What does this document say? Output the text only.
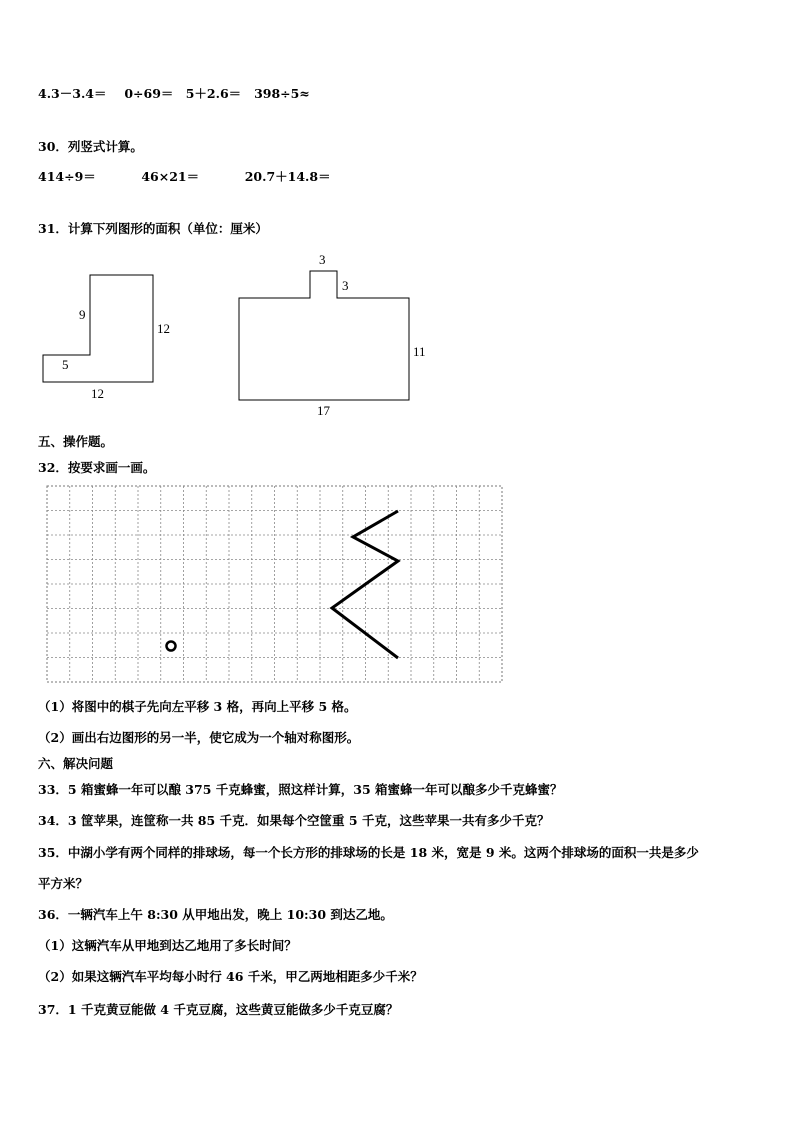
4.3－3.4＝ 0÷69＝ 5＋2.6＝ 398÷5≈
30．列竖式计算。
414÷9＝	46×21＝	20.7＋14.8＝
31．计算下列图形的面积（单位：厘米）
9
5
12
12
3
3
11
17
五、操作题。
32．按要求画一画。
（1）将图中的棋子先向左平移 3 格，再向上平移 5 格。
（2）画出右边图形的另一半，使它成为一个轴对称图形。
六、解决问题
33．5 箱蜜蜂一年可以酿 375 千克蜂蜜，照这样计算，35 箱蜜蜂一年可以酿多少千克蜂蜜？
34．3 筐苹果，连筐称一共 85 千克．如果每个空筐重 5 千克，这些苹果一共有多少千克？
35．中湖小学有两个同样的排球场，每一个长方形的排球场的长是 18 米，宽是 9 米。这两个排球场的面积一共是多少
平方米？
36．一辆汽车上午 8:30 从甲地出发，晚上 10:30 到达乙地。
（1）这辆汽车从甲地到达乙地用了多长时间？
（2）如果这辆汽车平均每小时行 46 千米，甲乙两地相距多少千米？
37．1 千克黄豆能做 4 千克豆腐，这些黄豆能做多少千克豆腐？
